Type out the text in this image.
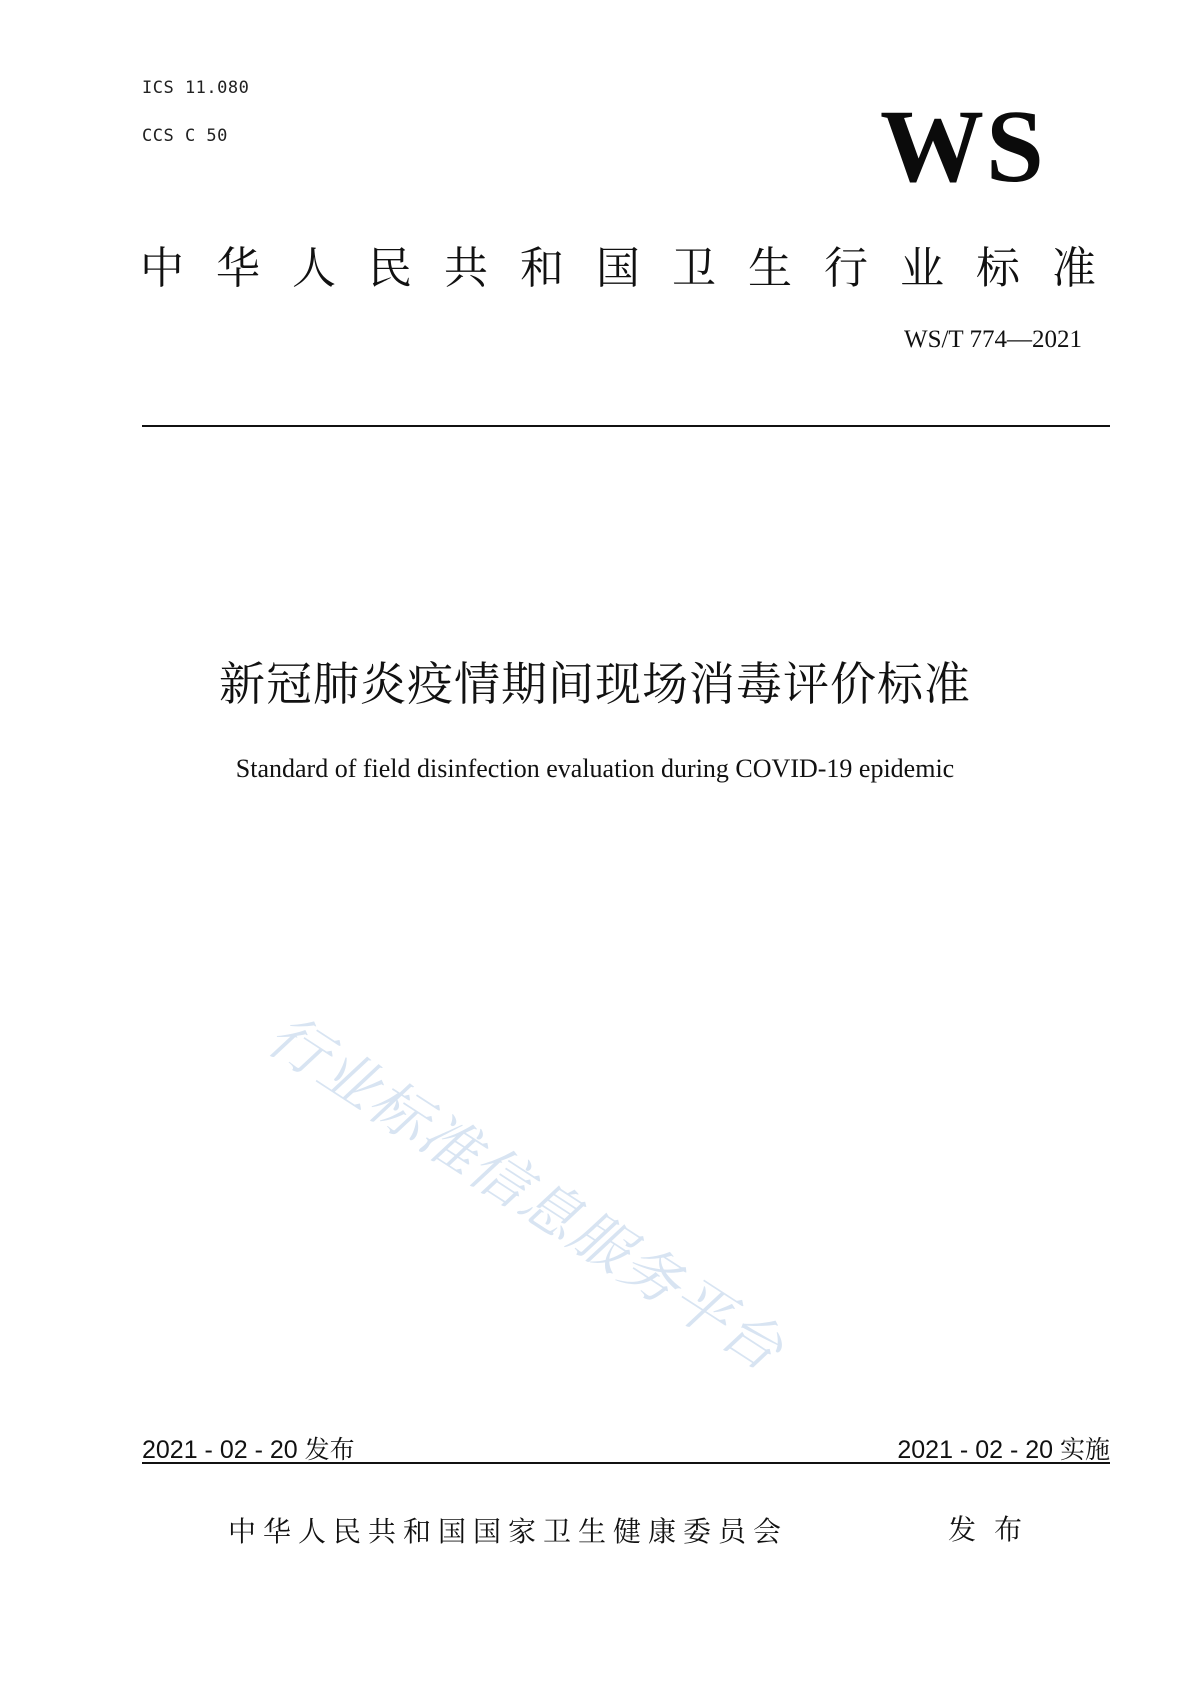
ICS 11.080
CCS C 50	WS
中华人民共和国卫生行业标准
WS/T 774—2021
新冠肺炎疫情期间现场消毒评价标准
Standard of field disinfection evaluation during COVID-19 epidemic
行业标准信息服务平台
2021 - 02 - 20 发布	2021 - 02 - 20 实施
中华人民共和国国家卫生健康委员会	发布
